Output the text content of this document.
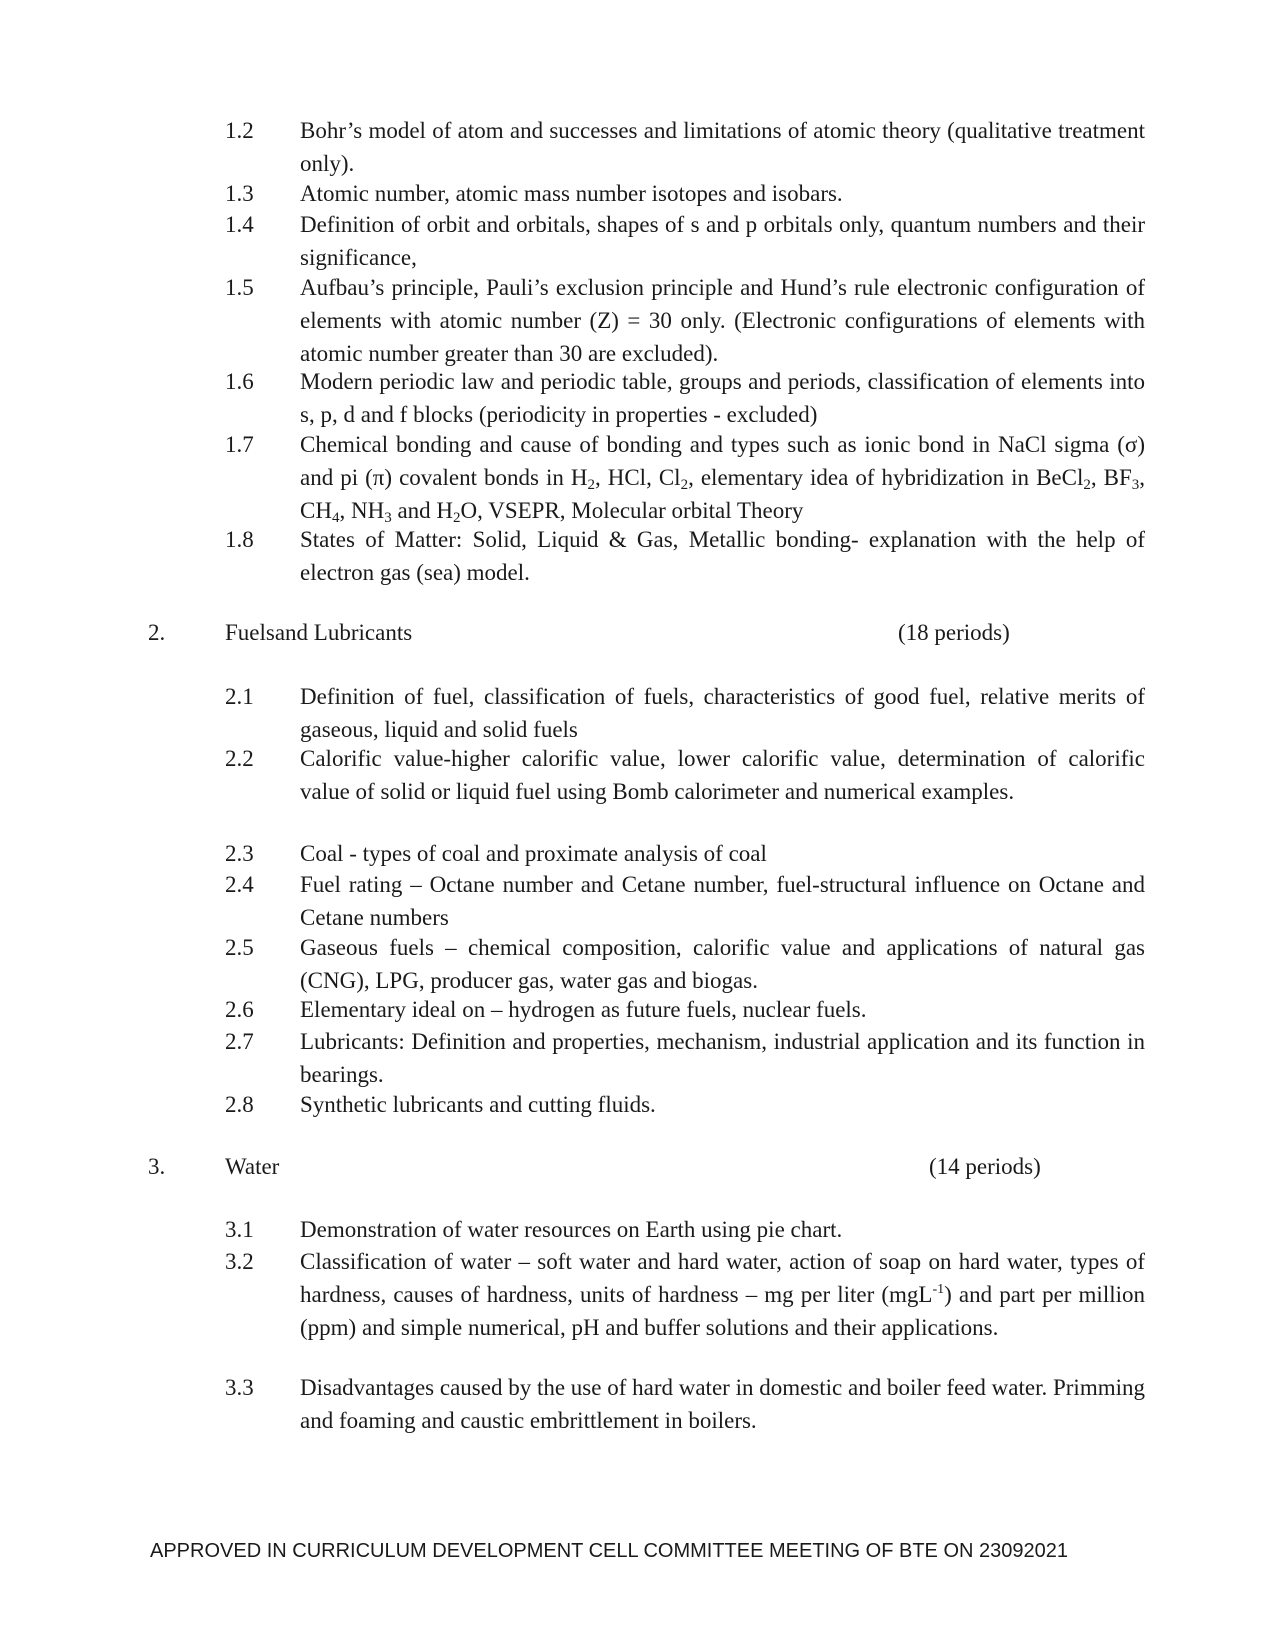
1.2	Bohr’s model of atom and successes and limitations of atomic theory (qualitative treatment only).
1.3	Atomic number, atomic mass number isotopes and isobars.
1.4	Definition of orbit and orbitals, shapes of s and p orbitals only, quantum numbers and their significance,
1.5	Aufbau’s principle, Pauli’s exclusion principle and Hund’s rule electronic configuration of elements with atomic number (Z) = 30 only. (Electronic configurations of elements with atomic number greater than 30 are excluded).
1.6	Modern periodic law and periodic table, groups and periods, classification of elements into s, p, d and f blocks (periodicity in properties - excluded)
1.7	Chemical bonding and cause of bonding and types such as ionic bond in NaCl sigma (σ) and pi (π) covalent bonds in $H_2$, HCl, $Cl_2$, elementary idea of hybridization in BeCl$_2$, $BF_3$, $CH_4$, $NH_3$ and $H_2O$, VSEPR, Molecular orbital Theory
1.8	States of Matter: Solid, Liquid & Gas, Metallic bonding- explanation with the help of electron gas (sea) model.
2.	Fuelsand Lubricants	(18 periods)
2.1	Definition of fuel, classification of fuels, characteristics of good fuel, relative merits of gaseous, liquid and solid fuels
2.2	Calorific value-higher calorific value, lower calorific value, determination of calorific value of solid or liquid fuel using Bomb calorimeter and numerical examples.
2.3	Coal - types of coal and proximate analysis of coal
2.4	Fuel rating – Octane number and Cetane number, fuel-structural influence on Octane and Cetane numbers
2.5	Gaseous fuels – chemical composition, calorific value and applications of natural gas (CNG), LPG, producer gas, water gas and biogas.
2.6	Elementary ideal on – hydrogen as future fuels, nuclear fuels.
2.7	Lubricants: Definition and properties, mechanism, industrial application and its function in bearings.
2.8	Synthetic lubricants and cutting fluids.
3.	Water	(14 periods)
3.1	Demonstration of water resources on Earth using pie chart.
3.2	Classification of water – soft water and hard water, action of soap on hard water, types of hardness, causes of hardness, units of hardness – mg per liter (mgL$^{-1}$) and part per million (ppm) and simple numerical, pH and buffer solutions and their applications.
3.3	Disadvantages caused by the use of hard water in domestic and boiler feed water. Primming and foaming and caustic embrittlement in boilers.
APPROVED IN CURRICULUM DEVELOPMENT CELL COMMITTEE MEETING OF BTE ON 23092021
